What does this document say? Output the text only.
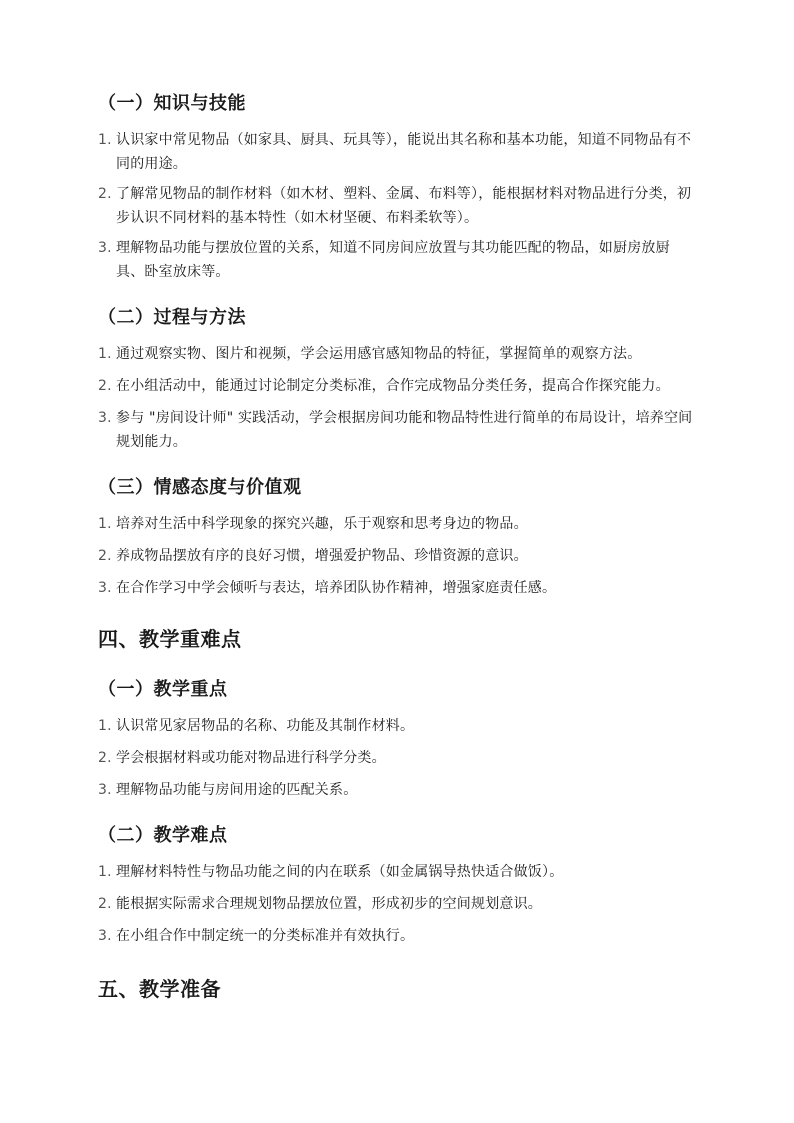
（一）知识与技能
1. 认识家中常见物品（如家具、厨具、玩具等），能说出其名称和基本功能，知道不同物品有不同的用途。
2. 了解常见物品的制作材料（如木材、塑料、金属、布料等），能根据材料对物品进行分类，初步认识不同材料的基本特性（如木材坚硬、布料柔软等）。
3. 理解物品功能与摆放位置的关系，知道不同房间应放置与其功能匹配的物品，如厨房放厨具、卧室放床等。
（二）过程与方法
1. 通过观察实物、图片和视频，学会运用感官感知物品的特征，掌握简单的观察方法。
2. 在小组活动中，能通过讨论制定分类标准，合作完成物品分类任务，提高合作探究能力。
3. 参与 "房间设计师" 实践活动，学会根据房间功能和物品特性进行简单的布局设计，培养空间规划能力。
（三）情感态度与价值观
1. 培养对生活中科学现象的探究兴趣，乐于观察和思考身边的物品。
2. 养成物品摆放有序的良好习惯，增强爱护物品、珍惜资源的意识。
3. 在合作学习中学会倾听与表达，培养团队协作精神，增强家庭责任感。
四、教学重难点
（一）教学重点
1. 认识常见家居物品的名称、功能及其制作材料。
2. 学会根据材料或功能对物品进行科学分类。
3. 理解物品功能与房间用途的匹配关系。
（二）教学难点
1. 理解材料特性与物品功能之间的内在联系（如金属锅导热快适合做饭）。
2. 能根据实际需求合理规划物品摆放位置，形成初步的空间规划意识。
3. 在小组合作中制定统一的分类标准并有效执行。
五、教学准备
